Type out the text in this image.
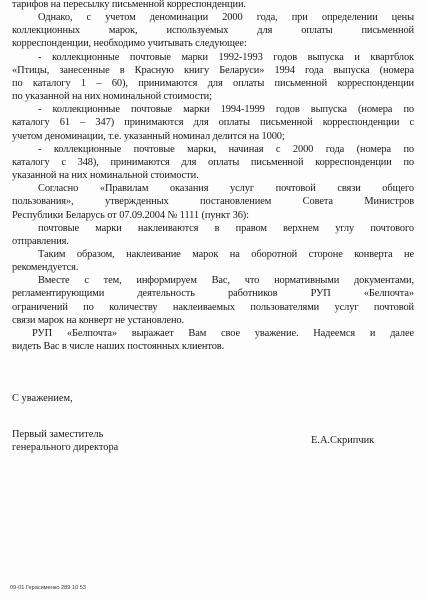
тарифов на пересылку письменной корреспонденции.

Однако, с учетом деноминации 2000 года, при определении цены

коллекционных марок, используемых для оплаты письменной

корреспонденции, необходимо учитывать следующее:

- коллекционные почтовые марки 1992-1993 годов выпуска и квартблок

«Птицы, занесенные в Красную книгу Беларуси» 1994 года выпуска (номера

по каталогу 1 – 60), принимаются для оплаты письменной корреспонденции

по указанной на них номинальной стоимости;

- коллекционные почтовые марки 1994-1999 годов выпуска (номера по

каталогу 61 – 347) принимаются для оплаты письменной корреспонденции с

учетом деноминации, т.е. указанный номинал делится на 1000;

- коллекционные почтовые марки, начиная с 2000 года (номера по

каталогу с 348), принимаются для оплаты письменной корреспонденции по

указанной на них номинальной стоимости.

Согласно «Правилам оказания услуг почтовой связи общего

пользования», утвержденных постановлением Совета Министров

Республики Беларусь от 07.09.2004 № 1111 (пункт 36):

почтовые марки наклеиваются в правом верхнем углу почтового

отправления.

Таким образом, наклеивание марок на оборотной стороне конверта не

рекомендуется.

Вместе с тем, информируем Вас, что нормативными документами,

регламентирующими деятельность работников РУП «Белпочта»

ограничений по количеству наклеиваемых пользователями услуг почтовой

связи марок на конверт не установлено.

РУП «Белпочта» выражает Вам свое уважение. Надеемся и далее

видеть Вас в числе наших постоянных клиентов.

С уважением,
Первый заместитель
генерального директора
Е.А.Скрипчик
09-01 Герасименко 289 10 53
